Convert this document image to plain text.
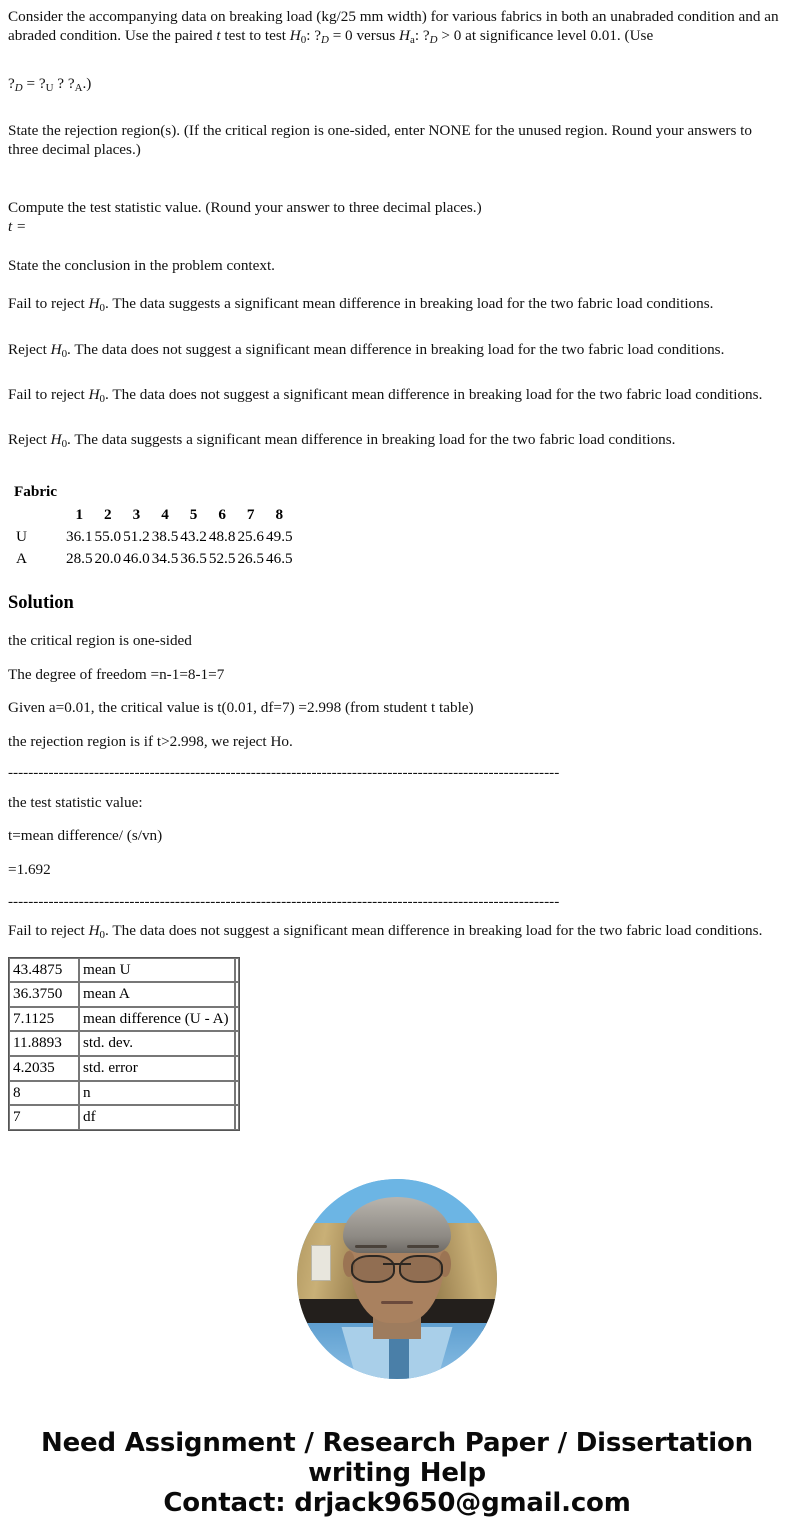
Consider the accompanying data on breaking load (kg/25 mm width) for various fabrics in both an unabraded condition and an abraded condition. Use the paired t test to test $H_0$: $?_D = 0$ versus $H_a$: $?_D > 0$ at significance level 0.01. (Use
$?_D$ = $?_U$ ? $?_A$.)
State the rejection region(s). (If the critical region is one-sided, enter NONE for the unused region. Round your answers to three decimal places.)
Compute the test statistic value. (Round your answer to three decimal places.)
t =
State the conclusion in the problem context.
Fail to reject $H_0$. The data suggests a significant mean difference in breaking load for the two fabric load conditions.
Reject $H_0$. The data does not suggest a significant mean difference in breaking load for the two fabric load conditions.
Fail to reject $H_0$. The data does not suggest a significant mean difference in breaking load for the two fabric load conditions.
Reject $H_0$. The data suggests a significant mean difference in breaking load for the two fabric load conditions.
Fabric
	1	2	3	4	5	6	7	8
U	36.1	55.0	51.2	38.5	43.2	48.8	25.6	49.5
A	28.5	20.0	46.0	34.5	36.5	52.5	26.5	46.5
Solution
the critical region is one-sided
The degree of freedom =n-1=8-1=7
Given a=0.01, the critical value is t(0.01, df=7) =2.998 (from student t table)
the rejection region is if t>2.998, we reject Ho.
-------------------------------------------------------------------------------------------------------------
the test statistic value:
t=mean difference/ (s/vn)
=1.692
-------------------------------------------------------------------------------------------------------------
Fail to reject $H_0$. The data does not suggest a significant mean difference in breaking load for the two fabric load conditions.
43.4875	mean U	
36.3750	mean A	
7.1125	mean difference (U - A)	
11.8893	std. dev.	
4.2035	std. error	
8	n	
7	df	
Need Assignment / Research Paper / Dissertation
writing Help
Contact: drjack9650@gmail.com
